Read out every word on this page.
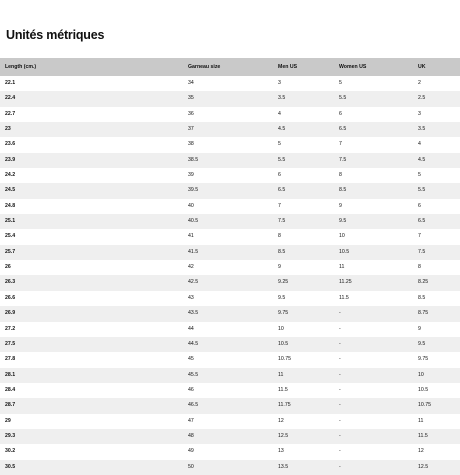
Unités métriques
Length (cm.)	Garneau size	Men US	Women US	UK
22.1	34	3	5	2
22.4	35	3.5	5.5	2.5
22.7	36	4	6	3
23	37	4.5	6.5	3.5
23.6	38	5	7	4
23.9	38.5	5.5	7.5	4.5
24.2	39	6	8	5
24.5	39.5	6.5	8.5	5.5
24.8	40	7	9	6
25.1	40.5	7.5	9.5	6.5
25.4	41	8	10	7
25.7	41.5	8.5	10.5	7.5
26	42	9	11	8
26.3	42.5	9.25	11.25	8.25
26.6	43	9.5	11.5	8.5
26.9	43.5	9.75	-	8.75
27.2	44	10	-	9
27.5	44.5	10.5	-	9.5
27.8	45	10.75	-	9.75
28.1	45.5	11	-	10
28.4	46	11.5	-	10.5
28.7	46.5	11.75	-	10.75
29	47	12	-	11
29.3	48	12.5	-	11.5
30.2	49	13	-	12
30.5	50	13.5	-	12.5
